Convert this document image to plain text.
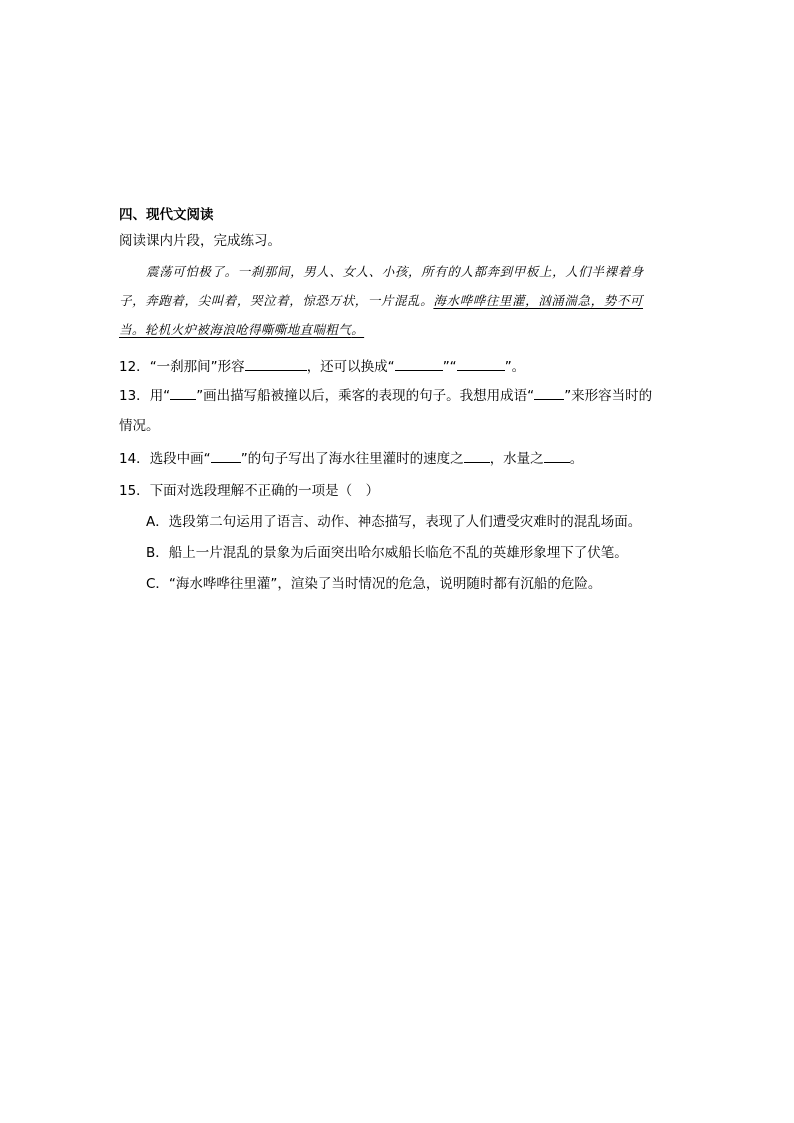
四、现代文阅读
阅读课内片段，完成练习。
震荡可怕极了。一刹那间，男人、女人、小孩，所有的人都奔到甲板上，人们半裸着身
子，奔跑着，尖叫着，哭泣着，惊恐万状，一片混乱。海水哗哗往里灌，汹涌湍急，势不可
当。轮机火炉被海浪呛得嘶嘶地直喘粗气。
12．“一刹那间”形容	，还可以换成“	”“	”。
13．用“ ”画出描写船被撞以后，乘客的表现的句子。我想用成语“ ”来形容当时的
情况。
14．选段中画“ ”的句子写出了海水往里灌时的速度之 ，水量之 。
15．下面对选段理解不正确的一项是（　）
A．选段第二句运用了语言、动作、神态描写，表现了人们遭受灾难时的混乱场面。
B．船上一片混乱的景象为后面突出哈尔威船长临危不乱的英雄形象埋下了伏笔。
C．“海水哗哗往里灌”，渲染了当时情况的危急，说明随时都有沉船的危险。
